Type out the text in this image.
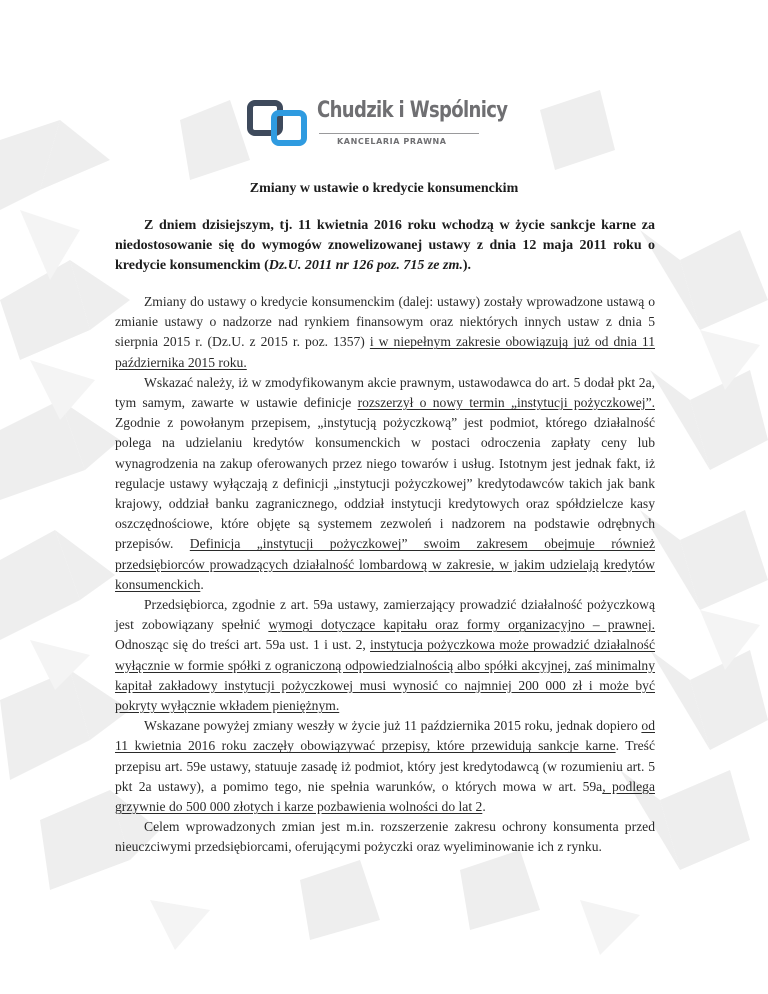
Chudzik i Wspólnicy
KANCELARIA PRAWNA
Zmiany w ustawie o kredycie konsumenckim

Z dniem dzisiejszym, tj. 11 kwietnia 2016 roku wchodzą w życie sankcje karne za niedostosowanie się do wymogów znowelizowanej ustawy z dnia 12 maja 2011 roku o kredycie konsumenckim (Dz.U. 2011 nr 126 poz. 715 ze zm.).

Zmiany do ustawy o kredycie konsumenckim (dalej: ustawy) zostały wprowadzone ustawą o zmianie ustawy o nadzorze nad rynkiem finansowym oraz niektórych innych ustaw z dnia 5 sierpnia 2015 r. (Dz.U. z 2015 r. poz. 1357) i w niepełnym zakresie obowiązują już od dnia 11 października 2015 roku.

Wskazać należy, iż w zmodyfikowanym akcie prawnym, ustawodawca do art. 5 dodał pkt 2a, tym samym, zawarte w ustawie definicje rozszerzył o nowy termin „instytucji pożyczkowej”. Zgodnie z powołanym przepisem, „instytucją pożyczkową” jest podmiot, którego działalność polega na udzielaniu kredytów konsumenckich w postaci odroczenia zapłaty ceny lub wynagrodzenia na zakup oferowanych przez niego towarów i usług. Istotnym jest jednak fakt, iż regulacje ustawy wyłączają z definicji „instytucji pożyczkowej” kredytodawców takich jak bank krajowy, oddział banku zagranicznego, oddział instytucji kredytowych oraz spółdzielcze kasy oszczędnościowe, które objęte są systemem zezwoleń i nadzorem na podstawie odrębnych przepisów. Definicja „instytucji pożyczkowej” swoim zakresem obejmuje również przedsiębiorców prowadzących działalność lombardową w zakresie, w jakim udzielają kredytów konsumenckich.

Przedsiębiorca, zgodnie z art. 59a ustawy, zamierzający prowadzić działalność pożyczkową jest zobowiązany spełnić wymogi dotyczące kapitału oraz formy organizacyjno – prawnej. Odnosząc się do treści art. 59a ust. 1 i ust. 2, instytucja pożyczkowa może prowadzić działalność wyłącznie w formie spółki z ograniczoną odpowiedzialnością albo spółki akcyjnej, zaś minimalny kapitał zakładowy instytucji pożyczkowej musi wynosić co najmniej 200 000 zł i może być pokryty wyłącznie wkładem pieniężnym.

Wskazane powyżej zmiany weszły w życie już 11 października 2015 roku, jednak dopiero od 11 kwietnia 2016 roku zaczęły obowiązywać przepisy, które przewidują sankcje karne. Treść przepisu art. 59e ustawy, statuuje zasadę iż podmiot, który jest kredytodawcą (w rozumieniu art. 5 pkt 2a ustawy), a pomimo tego, nie spełnia warunków, o których mowa w art. 59a, podlega grzywnie do 500 000 złotych i karze pozbawienia wolności do lat 2.

Celem wprowadzonych zmian jest m.in. rozszerzenie zakresu ochrony konsumenta przed nieuczciwymi przedsiębiorcami, oferującymi pożyczki oraz wyeliminowanie ich z rynku.
